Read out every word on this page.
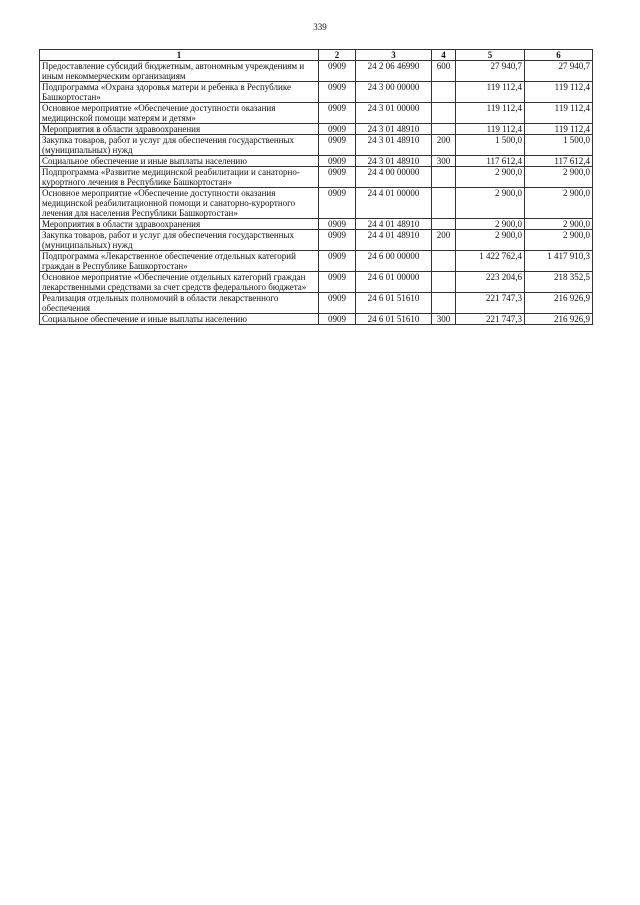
339
1	2	3	4	5	6
Предоставление субсидий бюджетным, автономным учреждениям и иным некоммерческим организациям	0909	24 2 06 46990	600	27 940,7	27 940,7
Подпрограмма «Охрана здоровья матери и ребенка в Республике Башкортостан»	0909	24 3 00 00000		119 112,4	119 112,4
Основное мероприятие «Обеспечение доступности оказания медицинской помощи матерям и детям»	0909	24 3 01 00000		119 112,4	119 112,4
Мероприятия в области здравоохранения	0909	24 3 01 48910		119 112,4	119 112,4
Закупка товаров, работ и услуг для обеспечения государственных (муниципальных) нужд	0909	24 3 01 48910	200	1 500,0	1 500,0
Социальное обеспечение и иные выплаты населению	0909	24 3 01 48910	300	117 612,4	117 612,4
Подпрограмма «Развитие медицинской реабилитации и санаторно-курортного лечения в Республике Башкортостан»	0909	24 4 00 00000		2 900,0	2 900,0
Основное мероприятие «Обеспечение доступности оказания медицинской реабилитационной помощи и санаторно-курортного лечения для населения Республики Башкортостан»	0909	24 4 01 00000		2 900,0	2 900,0
Мероприятия в области здравоохранения	0909	24 4 01 48910		2 900,0	2 900,0
Закупка товаров, работ и услуг для обеспечения государственных (муниципальных) нужд	0909	24 4 01 48910	200	2 900,0	2 900,0
Подпрограмма «Лекарственное обеспечение отдельных категорий граждан в Республике Башкортостан»	0909	24 6 00 00000		1 422 762,4	1 417 910,3
Основное мероприятие «Обеспечение отдельных категорий граждан лекарственными средствами за счет средств федерального бюджета»	0909	24 6 01 00000		223 204,6	218 352,5
Реализация отдельных полномочий в области лекарственного обеспечения	0909	24 6 01 51610		221 747,3	216 926,9
Социальное обеспечение и иные выплаты населению	0909	24 6 01 51610	300	221 747,3	216 926,9
